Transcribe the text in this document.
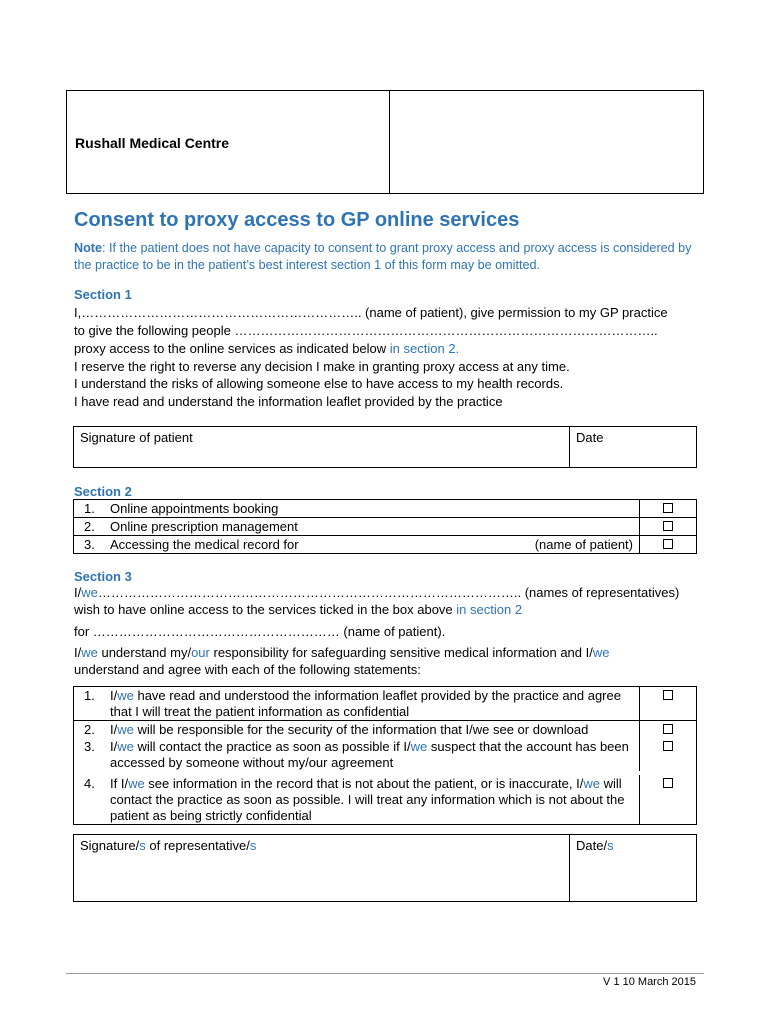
Rushall Medical Centre
Consent to proxy access to GP online services
Note: If the patient does not have capacity to consent to grant proxy access and proxy access is considered by the practice to be in the patient’s best interest section 1 of this form may be omitted.
Section 1
I,……………………………………………………….. (name of patient), give permission to my GP practice
to give the following people ……………………………………………………………………………………..
proxy access to the online services as indicated below in section 2.
I reserve the right to reverse any decision I make in granting proxy access at any time.
I understand the risks of allowing someone else to have access to my health records.
I have read and understand the information leaflet provided by the practice
Signature of patient	Date
Section 2
1.	Online appointments booking
2.	Online prescription management
3.	Accessing the medical record for	(name of patient)
Section 3
I/we…………………………………………………………………………………….. (names of representatives)
wish to have online access to the services ticked in the box above in section 2
for ………………………………………………… (name of patient).
I/we understand my/our responsibility for safeguarding sensitive medical information and I/we
understand and agree with each of the following statements:
1.	I/we have read and understood the information leaflet provided by the practice and agree that I will treat the patient information as confidential
2.	I/we will be responsible for the security of the information that I/we see or download
3.	I/we will contact the practice as soon as possible if I/we suspect that the account has been accessed by someone without my/our agreement
4.	If I/we see information in the record that is not about the patient, or is inaccurate, I/we will contact the practice as soon as possible. I will treat any information which is not about the patient as being strictly confidential
Signature/s of representative/s	Date/s
V 1 10 March 2015
